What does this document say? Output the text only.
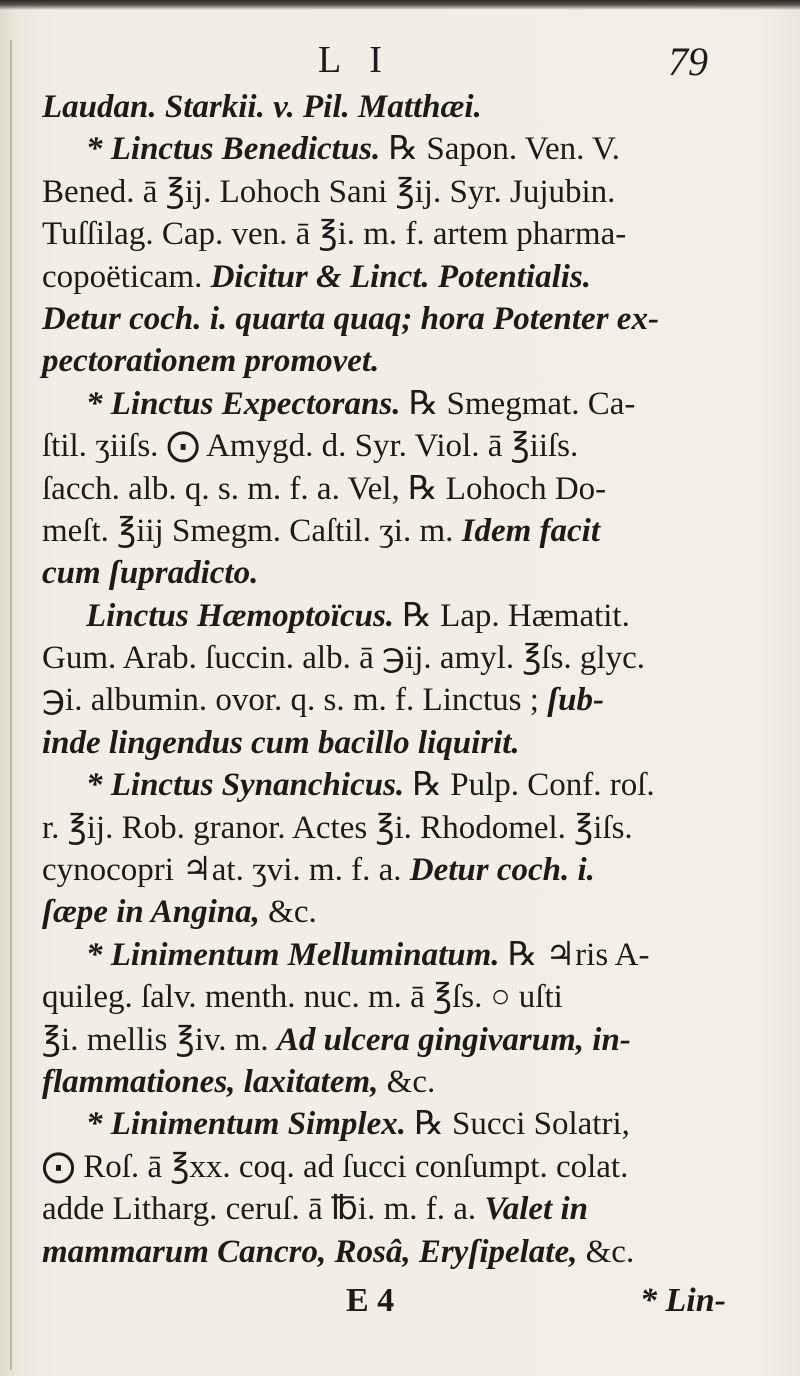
L I	79
Laudan. Starkii. v. Pil. Matthæi.
* Linctus Benedictus. ℞ Sapon. Ven. V.
Bened. ā ℥ij. Lohoch Sani ℥ij. Syr. Jujubin.
Tuſſilag. Cap. ven. ā ℥i. m. f. artem pharma-
copoëticam. Dicitur & Linct. Potentialis.
Detur coch. i. quarta quaq; hora Potenter ex-
pectorationem promovet.
* Linctus Expectorans. ℞ Smegmat. Ca-
ſtil. ʒiiſs. ⨀ Amygd. d. Syr. Viol. ā ℥iiſs.
ſacch. alb. q. s. m. f. a. Vel, ℞ Lohoch Do-
meſt. ℥iij Smegm. Caſtil. ʒi. m. Idem facit
cum ſupradicto.
Linctus Hæmoptoïcus. ℞ Lap. Hæmatit.
Gum. Arab. ſuccin. alb. ā ℈ij. amyl. ℥ſs. glyc.
℈i. albumin. ovor. q. s. m. f. Linctus ; ſub-
inde lingendus cum bacillo liquirit.
* Linctus Synanchicus. ℞ Pulp. Conf. roſ.
r. ℥ij. Rob. granor. Actes ℥i. Rhodomel. ℥iſs.
cynocopri ♃at. ʒvi. m. f. a. Detur coch. i.
ſæpe in Angina, &c.
* Linimentum Melluminatum. ℞ ♃ris A-
quileg. ſalv. menth. nuc. m. ā ℥ſs. ○ uſti
℥i. mellis ℥iv. m. Ad ulcera gingivarum, in-
flammationes, laxitatem, &c.
* Linimentum Simplex. ℞ Succi Solatri,
⨀ Roſ. ā ℥xx. coq. ad ſucci conſumpt. colat.
adde Litharg. ceruſ. ā ℔i. m. f. a. Valet in
mammarum Cancro, Rosâ, Eryſipelate, &c.
E 4	* Lin-
